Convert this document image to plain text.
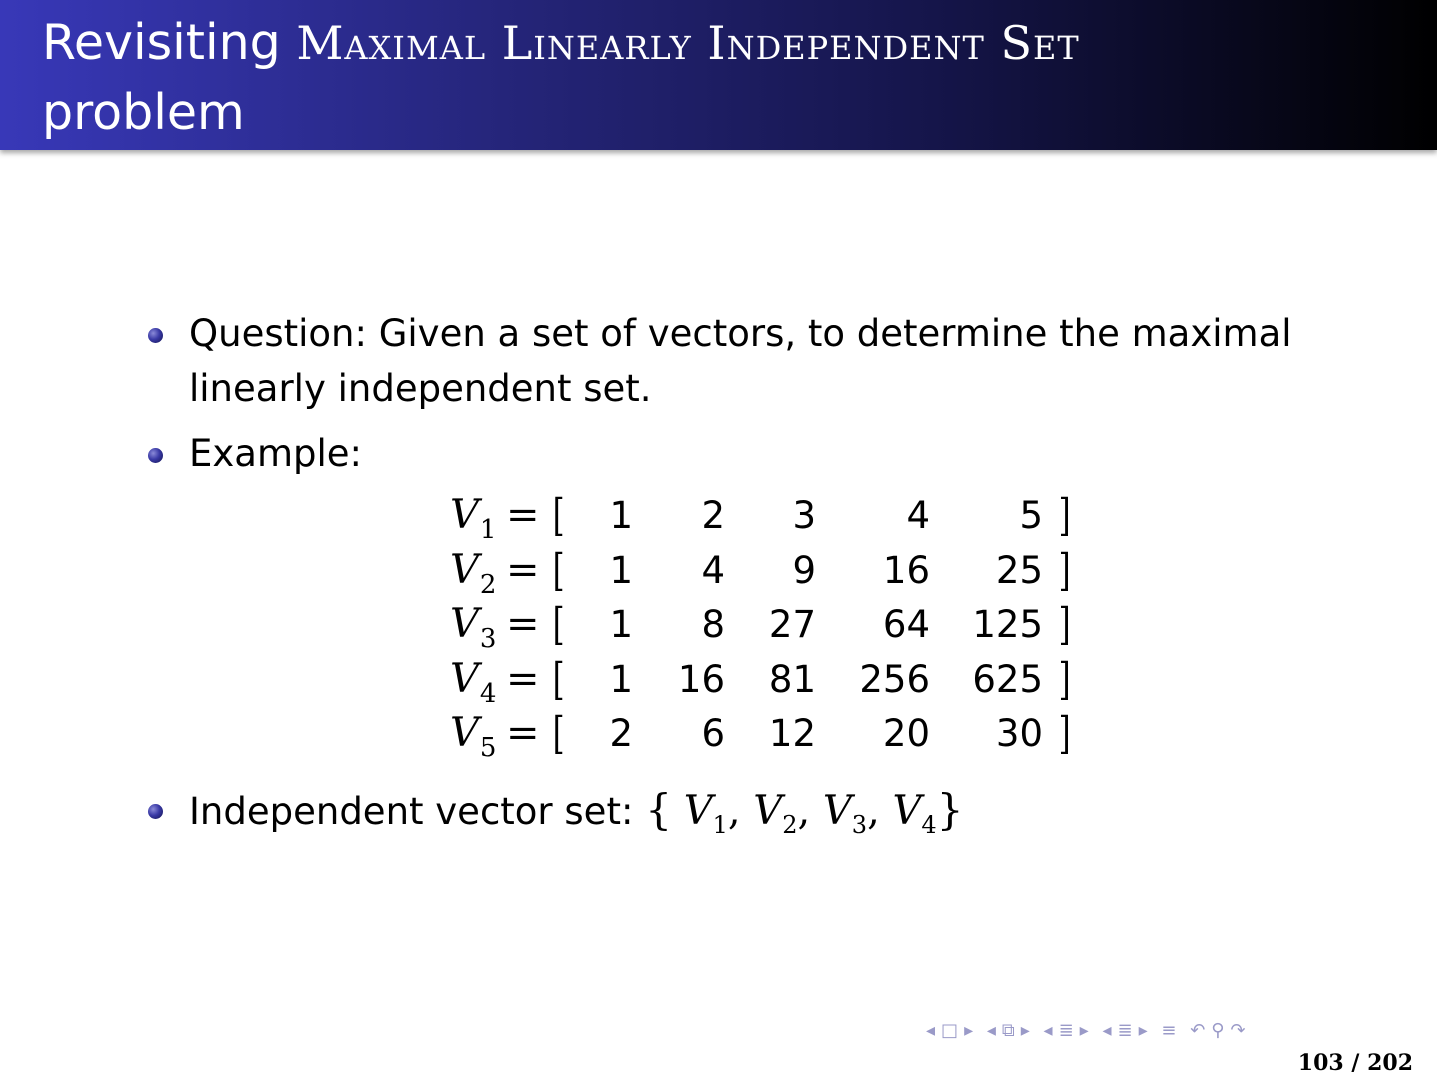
Revisiting Maximal Linearly Independent Set
problem
Question: Given a set of vectors, to determine the maximal linearly independent set.
Example:
$V_1$ = [	1	2	3	4	5 ]
$V_2$ = [	1	4	9	16	25 ]
$V_3$ = [	1	8	27	64 125 ]
$V_4$ = [	1	16	81 256 625 ]
$V_5$ = [	2	6	12	20	30 ]
Independent vector set: { $V_1$, $V_2$, $V_3$, $V_4$}
◂ □ ▸ ◂ ⧉ ▸ ◂ ≣ ▸ ◂ ≣ ▸ ≡ ↶ ⚲ ↷
103 / 202
